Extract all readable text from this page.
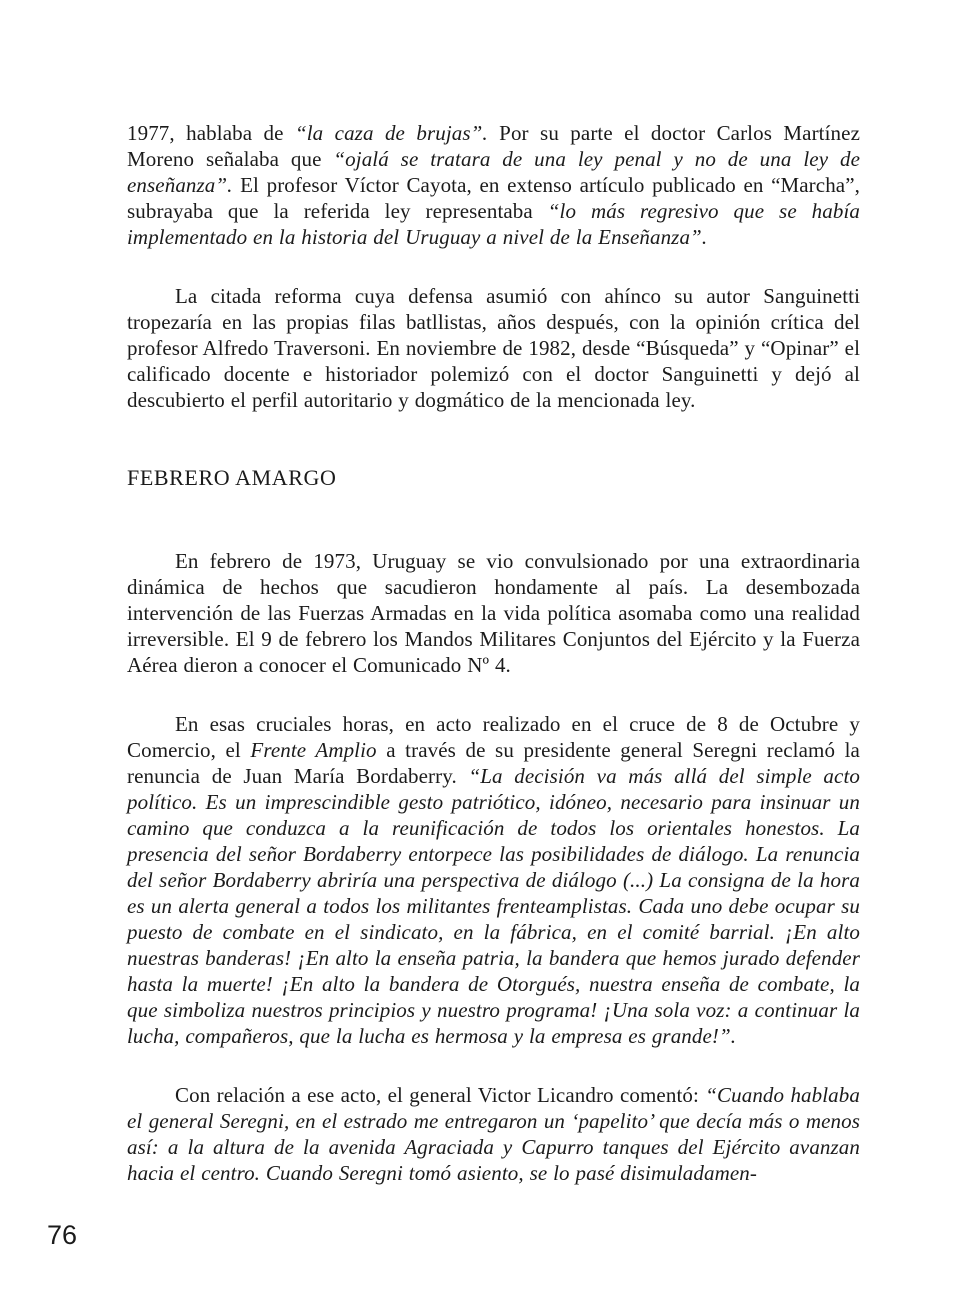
1977, hablaba de “la caza de brujas”. Por su parte el doctor Carlos Martínez Moreno señalaba que “ojalá se tratara de una ley penal y no de una ley de enseñanza”. El profesor Víctor Cayota, en extenso artículo publicado en “Marcha”, subrayaba que la referida ley representaba “lo más regresivo que se había implementado en la historia del Uruguay a nivel de la Enseñanza”.

La citada reforma cuya defensa asumió con ahínco su autor Sanguinetti tropezaría en las propias filas batllistas, años después, con la opinión crítica del profesor Alfredo Traversoni. En noviembre de 1982, desde “Búsqueda” y “Opinar” el calificado docente e historiador polemizó con el doctor Sanguinetti y dejó al descubierto el perfil autoritario y dogmático de la mencionada ley.

FEBRERO AMARGO

En febrero de 1973, Uruguay se vio convulsionado por una extraordinaria dinámica de hechos que sacudieron hondamente al país. La desembozada intervención de las Fuerzas Armadas en la vida política asomaba como una realidad irreversible. El 9 de febrero los Mandos Militares Conjuntos del Ejército y la Fuerza Aérea dieron a conocer el Comunicado Nº 4.

En esas cruciales horas, en acto realizado en el cruce de 8 de Octubre y Comercio, el Frente Amplio a través de su presidente general Seregni reclamó la renuncia de Juan María Bordaberry. “La decisión va más allá del simple acto político. Es un imprescindible gesto patriótico, idóneo, necesario para insinuar un camino que conduzca a la reunificación de todos los orientales honestos. La presencia del señor Bordaberry entorpece las posibilidades de diálogo. La renuncia del señor Bordaberry abriría una perspectiva de diálogo (...) La consigna de la hora es un alerta general a todos los militantes frenteamplistas. Cada uno debe ocupar su puesto de combate en el sindicato, en la fábrica, en el comité barrial. ¡En alto nuestras banderas! ¡En alto la enseña patria, la bandera que hemos jurado defender hasta la muerte! ¡En alto la bandera de Otorgués, nuestra enseña de combate, la que simboliza nuestros principios y nuestro programa! ¡Una sola voz: a continuar la lucha, compañeros, que la lucha es hermosa y la empresa es grande!”.

Con relación a ese acto, el general Victor Licandro comentó: “Cuando hablaba el general Seregni, en el estrado me entregaron un ‘papelito’ que decía más o menos así: a la altura de la avenida Agraciada y Capurro tanques del Ejército avanzan hacia el centro. Cuando Seregni tomó asiento, se lo pasé disimuladamen-

76
